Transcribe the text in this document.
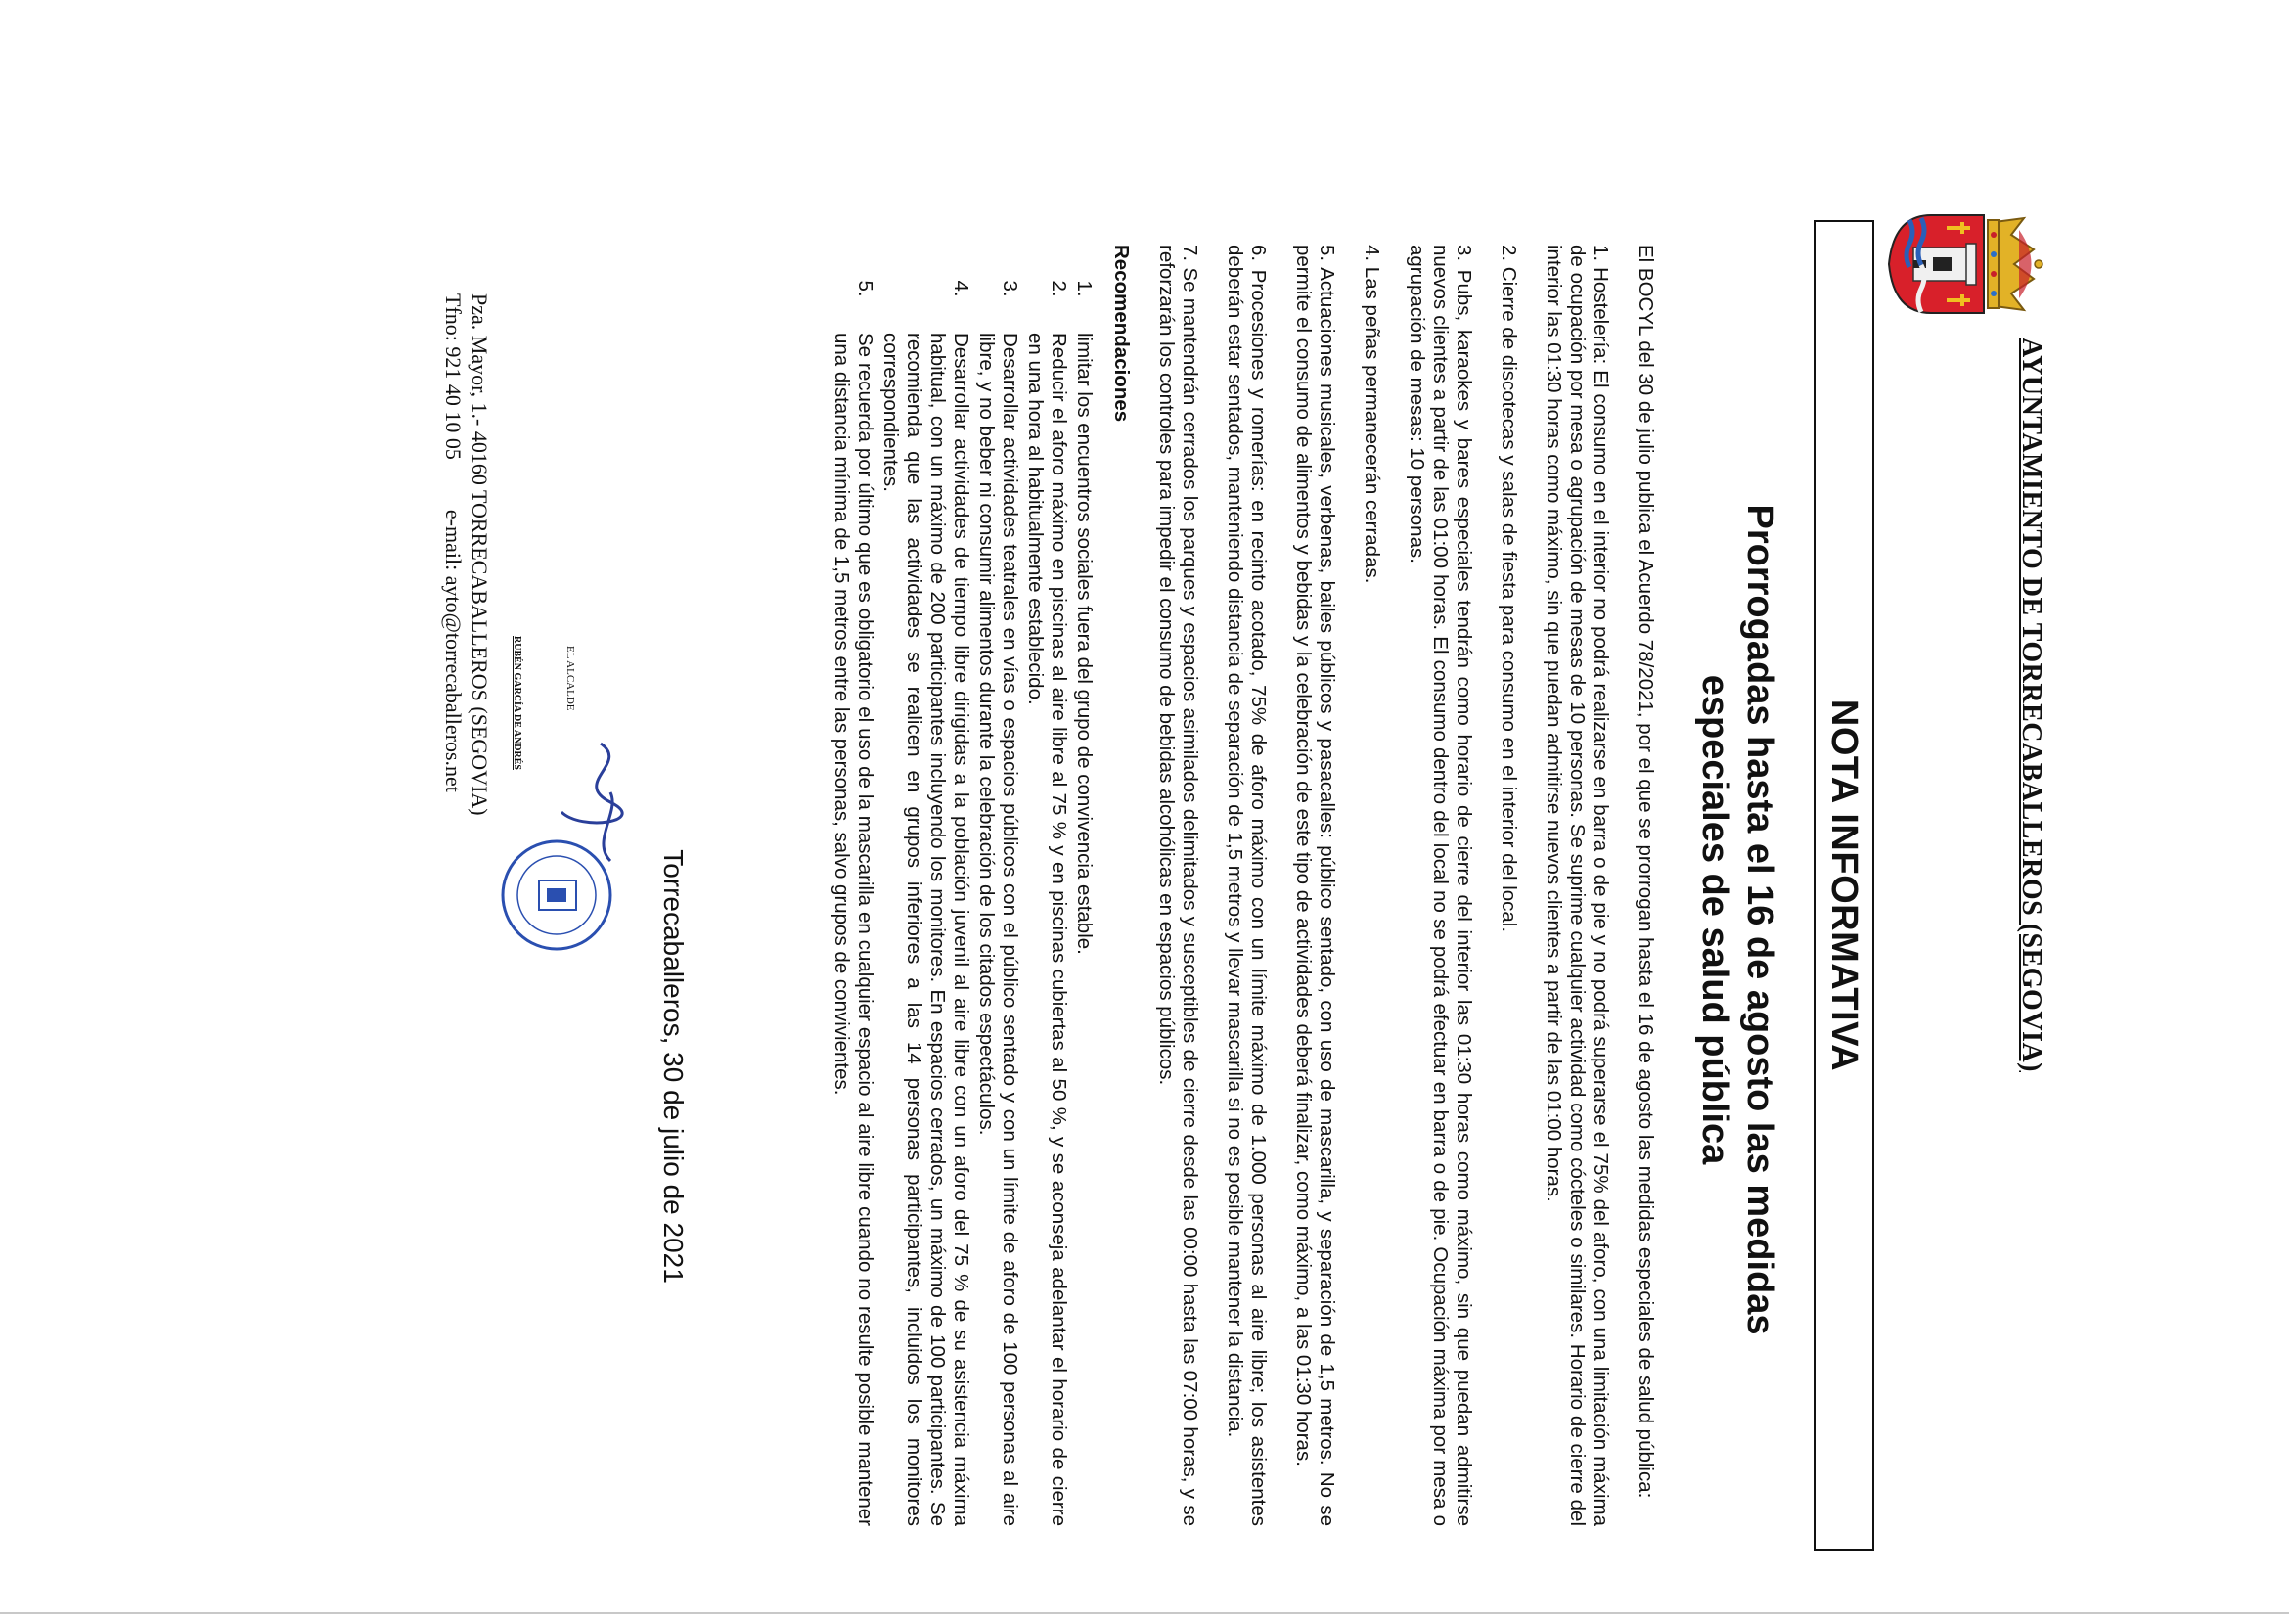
AYUNTAMIENTO DE TORRECABALLEROS (SEGOVIA)
NOTA INFORMATIVA
Prorrogadas hasta el 16 de agosto las medidas
especiales de salud pública

El BOCYL del 30 de julio publica el Acuerdo 78/2021, por el que se prorrogan hasta el 16 de agosto las medidas especiales de salud pública:

1. Hostelería: El consumo en el interior no podrá realizarse en barra o de pie y no podrá superarse el 75% del aforo, con una limitación máxima de ocupación por mesa o agrupación de mesas de 10 personas. Se suprime cualquier actividad como cócteles o similares. Horario de cierre del interior las 01:30 horas como máximo, sin que puedan admitirse nuevos clientes a partir de las 01:00 horas.

2. Cierre de discotecas y salas de fiesta para consumo en el interior del local.

3. Pubs, karaokes y bares especiales tendrán como horario de cierre del interior las 01:30 horas como máximo, sin que puedan admitirse nuevos clientes a partir de las 01:00 horas. El consumo dentro del local no se podrá efectuar en barra o de pie. Ocupación máxima por mesa o agrupación de mesas: 10 personas.

4. Las peñas permanecerán cerradas.

5. Actuaciones musicales, verbenas, bailes públicos y pasacalles: público sentado, con uso de mascarilla, y separación de 1,5 metros. No se permite el consumo de alimentos y bebidas y la celebración de este tipo de actividades deberá finalizar, como máximo, a las 01:30 horas.

6. Procesiones y romerías: en recinto acotado, 75% de aforo máximo con un límite máximo de 1.000 personas al aire libre; los asistentes deberán estar sentados, manteniendo distancia de separación de 1,5 metros y llevar mascarilla si no es posible mantener la distancia.

7. Se mantendrán cerrados los parques y espacios asimilados delimitados y susceptibles de cierre desde las 00:00 hasta las 07:00 horas, y se reforzarán los controles para impedir el consumo de bebidas alcohólicas en espacios públicos.

Recomendaciones
1.
limitar los encuentros sociales fuera del grupo de convivencia estable.
2.
Reducir el aforo máximo en piscinas al aire libre al 75 % y en piscinas cubiertas al 50 %, y se aconseja adelantar el horario de cierre en una hora al habitualmente establecido.
3.
Desarrollar actividades teatrales en vías o espacios públicos con el público sentado y con un límite de aforo de 100 personas al aire libre, y no beber ni consumir alimentos durante la celebración de los citados espectáculos.
4.
Desarrollar actividades de tiempo libre dirigidas a la población juvenil al aire libre con un aforo del 75 % de su asistencia máxima habitual, con un máximo de 200 participantes incluyendo los monitores. En espacios cerrados, un máximo de 100 participantes. Se recomienda que las actividades se realicen en grupos inferiores a las 14 personas participantes, incluidos los monitores correspondientes.
5.
Se recuerda por último que es obligatorio el uso de la mascarilla en cualquier espacio al aire libre cuando no resulte posible mantener una distancia mínima de 1,5 metros entre las personas, salvo grupos de convivientes.
Torrecaballeros, 30 de julio de 2021
EL ALCALDE
RUBÉN GARCÍA DE ANDRÉS
Pza. Mayor, 1.- 40160 TORRECABALLEROS (SEGOVIA)
Tfno: 921 40 10 05  e-mail: ayto@torrecaballeros.net
